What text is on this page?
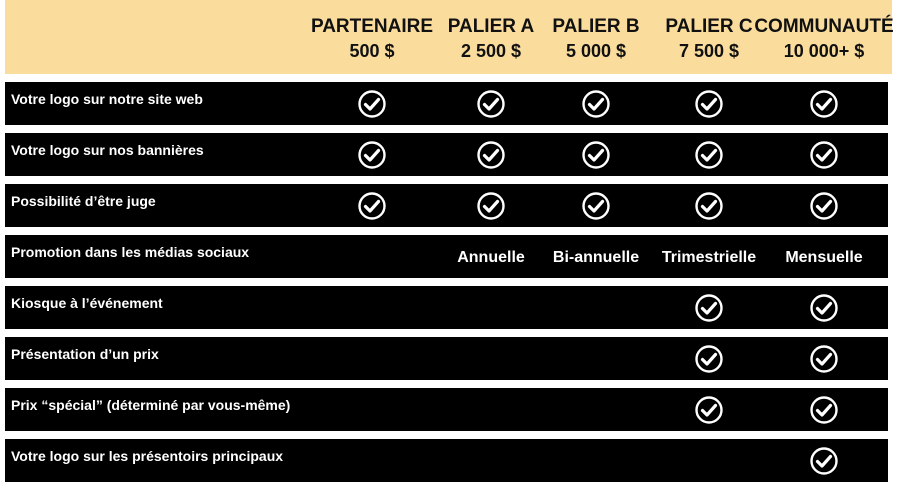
PARTENAIRE
500 $
PALIER A
2 500 $
PALIER B
5 000 $
PALIER C
7 500 $
COMMUNAUTÉ
10 000+ $
Votre logo sur notre site web
Votre logo sur nos bannières
Possibilité d’être juge
Promotion dans les médias sociaux	Annuelle Bi-annuelle Trimestrielle Mensuelle
Kiosque à l’événement
Présentation d’un prix
Prix “spécial” (déterminé par vous-même)
Votre logo sur les présentoirs principaux
